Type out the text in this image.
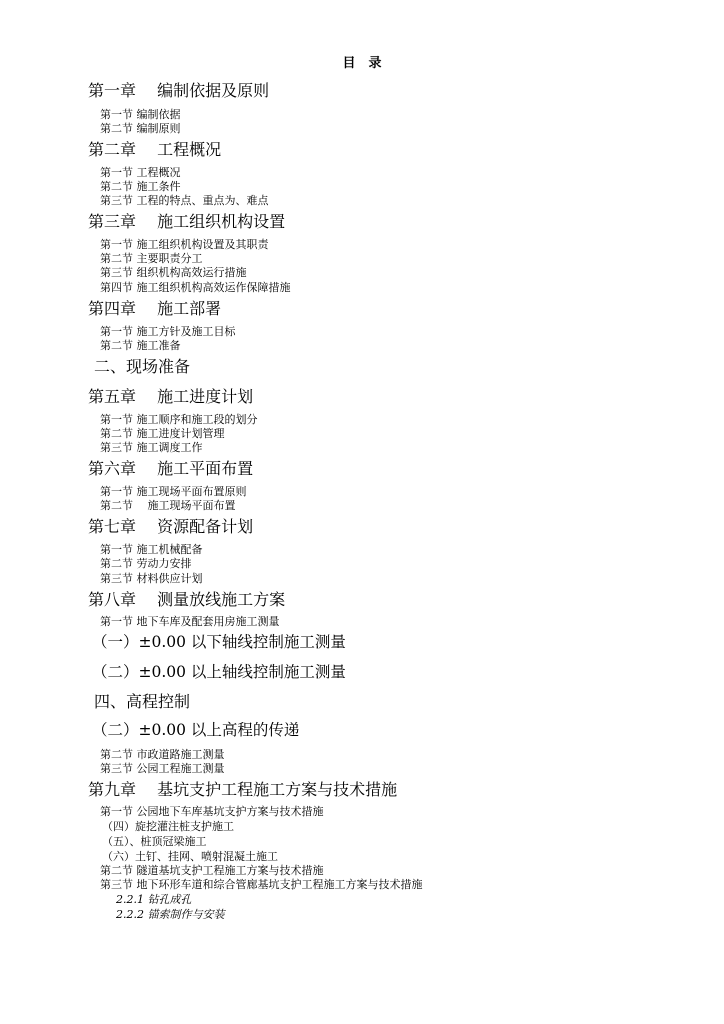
目　录
第一章　 编制依据及原则
第一节 编制依据
第二节 编制原则
第二章　 工程概况
第一节 工程概况
第二节 施工条件
第三节 工程的特点、重点为、难点
第三章　 施工组织机构设置
第一节 施工组织机构设置及其职责
第二节 主要职责分工
第三节 组织机构高效运行措施
第四节 施工组织机构高效运作保障措施
第四章　 施工部署
第一节 施工方针及施工目标
第二节 施工准备
二、现场准备
第五章　 施工进度计划
第一节 施工顺序和施工段的划分
第二节 施工进度计划管理
第三节 施工调度工作
第六章　 施工平面布置
第一节 施工现场平面布置原则
第二节　 施工现场平面布置
第七章　 资源配备计划
第一节 施工机械配备
第二节 劳动力安排
第三节 材料供应计划
第八章　 测量放线施工方案
第一节 地下车库及配套用房施工测量
（一）±0.00 以下轴线控制施工测量
（二）±0.00 以上轴线控制施工测量
四、高程控制
（二）±0.00 以上高程的传递
第二节 市政道路施工测量
第三节 公园工程施工测量
第九章　 基坑支护工程施工方案与技术措施
第一节 公园地下车库基坑支护方案与技术措施
（四）旋挖灌注桩支护施工
（五）、桩顶冠梁施工
（六）土钉、挂网、喷射混凝土施工
第二节 隧道基坑支护工程施工方案与技术措施
第三节 地下环形车道和综合管廊基坑支护工程施工方案与技术措施
2.2.1 钻孔成孔
2.2.2 锚索制作与安装
